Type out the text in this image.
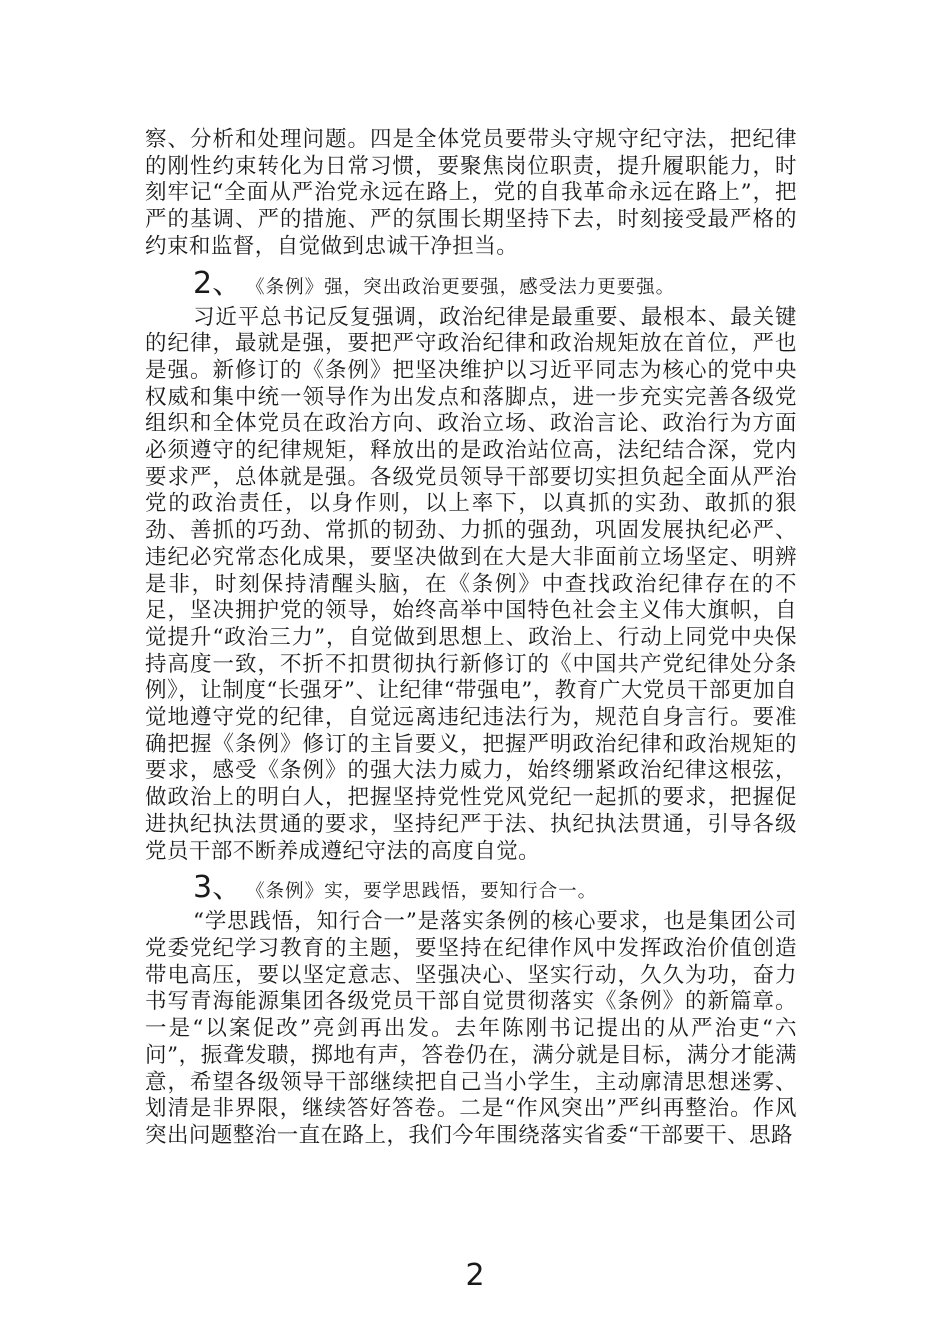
察、分析和处理问题。四是全体党员要带头守规守纪守法，把纪律的刚性约束转化为日常习惯，要聚焦岗位职责，提升履职能力，时刻牢记“全面从严治党永远在路上，党的自我革命永远在路上”，把严的基调、严的措施、严的氛围长期坚持下去，时刻接受最严格的约束和监督，自觉做到忠诚干净担当。

2、 《条例》强，突出政治更要强，感受法力更要强。

习近平总书记反复强调，政治纪律是最重要、最根本、最关键的纪律，最就是强，要把严守政治纪律和政治规矩放在首位，严也是强。新修订的《条例》把坚决维护以习近平同志为核心的党中央权威和集中统一领导作为出发点和落脚点，进一步充实完善各级党组织和全体党员在政治方向、政治立场、政治言论、政治行为方面必须遵守的纪律规矩，释放出的是政治站位高，法纪结合深，党内要求严，总体就是强。各级党员领导干部要切实担负起全面从严治党的政治责任，以身作则，以上率下，以真抓的实劲、敢抓的狠劲、善抓的巧劲、常抓的韧劲、力抓的强劲，巩固发展执纪必严、违纪必究常态化成果，要坚决做到在大是大非面前立场坚定、明辨是非，时刻保持清醒头脑，在《条例》中查找政治纪律存在的不足，坚决拥护党的领导，始终高举中国特色社会主义伟大旗帜，自觉提升“政治三力”，自觉做到思想上、政治上、行动上同党中央保持高度一致，不折不扣贯彻执行新修订的《中国共产党纪律处分条例》，让制度“长强牙”、让纪律“带强电”，教育广大党员干部更加自觉地遵守党的纪律，自觉远离违纪违法行为，规范自身言行。要准确把握《条例》修订的主旨要义，把握严明政治纪律和政治规矩的要求，感受《条例》的强大法力威力，始终绷紧政治纪律这根弦，做政治上的明白人，把握坚持党性党风党纪一起抓的要求，把握促进执纪执法贯通的要求，坚持纪严于法、执纪执法贯通，引导各级党员干部不断养成遵纪守法的高度自觉。

3、 《条例》实，要学思践悟，要知行合一。

“学思践悟，知行合一”是落实条例的核心要求，也是集团公司党委党纪学习教育的主题，要坚持在纪律作风中发挥政治价值创造带电高压，要以坚定意志、坚强决心、坚实行动，久久为功，奋力书写青海能源集团各级党员干部自觉贯彻落实《条例》的新篇章。一是“以案促改”亮剑再出发。去年陈刚书记提出的从严治吏“六问”，振聋发聩，掷地有声，答卷仍在，满分就是目标，满分才能满意，希望各级领导干部继续把自己当小学生，主动廓清思想迷雾、划清是非界限，继续答好答卷。二是“作风突出”严纠再整治。作风突出问题整治一直在路上，我们今年围绕落实省委“干部要干、思路

2
